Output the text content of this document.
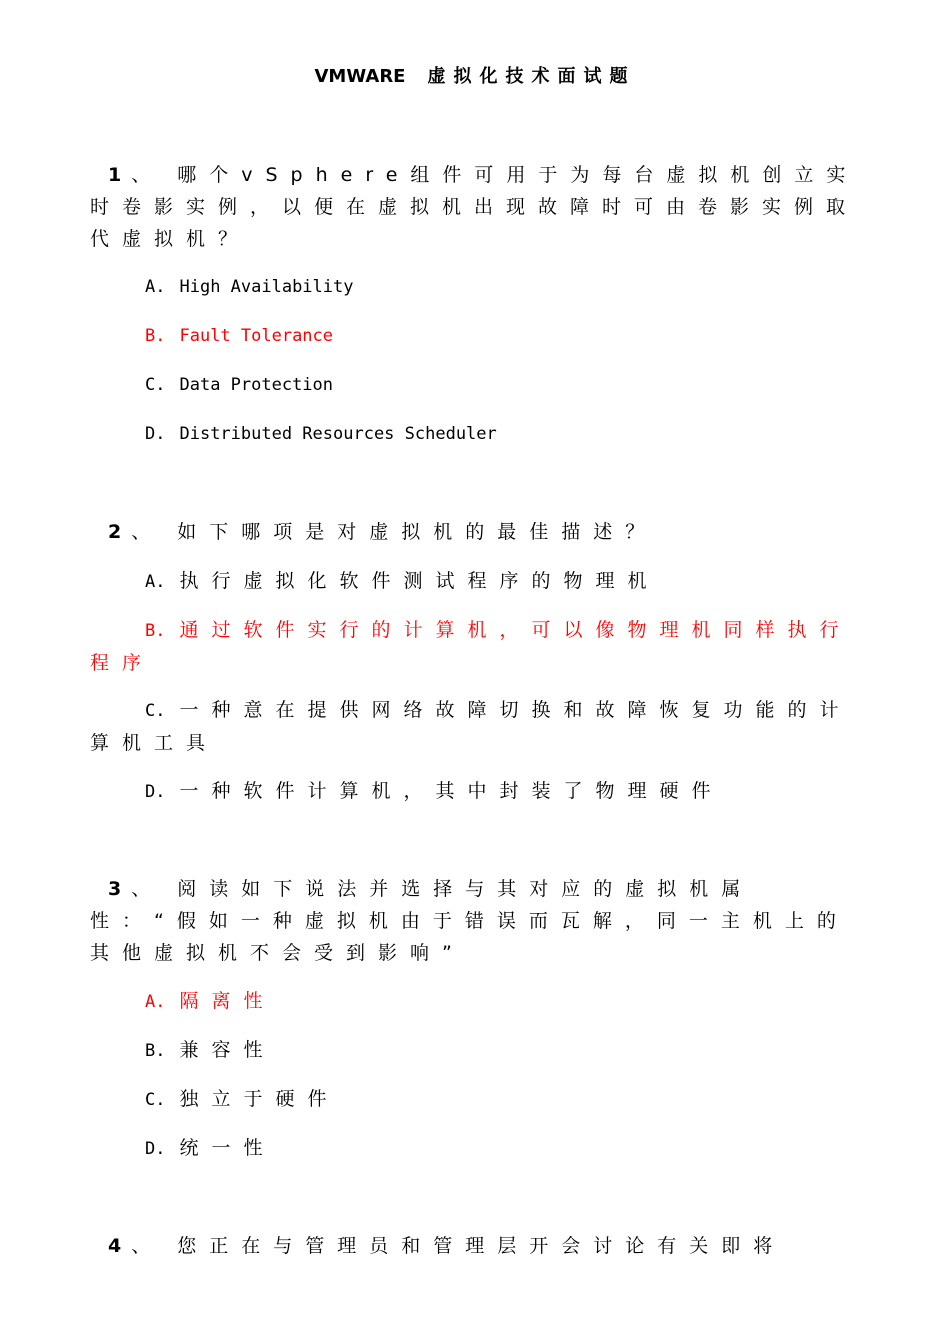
VMWARE 虚拟化技术面试题
1 、 哪个vSphere组件可用于为每台虚拟机创立实时卷影实例，以便在虚拟机出现故障时可由卷影实例取代虚拟机？
A. High Availability
B. Fault Tolerance
C. Data Protection
D. Distributed Resources Scheduler
2 、 如下哪项是对虚拟机的最佳描述？
A. 执行虚拟化软件测试程序的物理机
B. 通过软件实行的计算机，可以像物理机同样执行程序
C. 一种意在提供网络故障切换和故障恢复功能的计算机工具
D. 一种软件计算机，其中封装了物理硬件
3 、 阅读如下说法并选择与其对应的虚拟机属性：“假如一种虚拟机由于错误而瓦解，同一主机上的其他虚拟机不会受到影响”
A. 隔离性
B. 兼容性
C. 独立于硬件
D. 统一性
4 、 您正在与管理员和管理层开会讨论有关即将
